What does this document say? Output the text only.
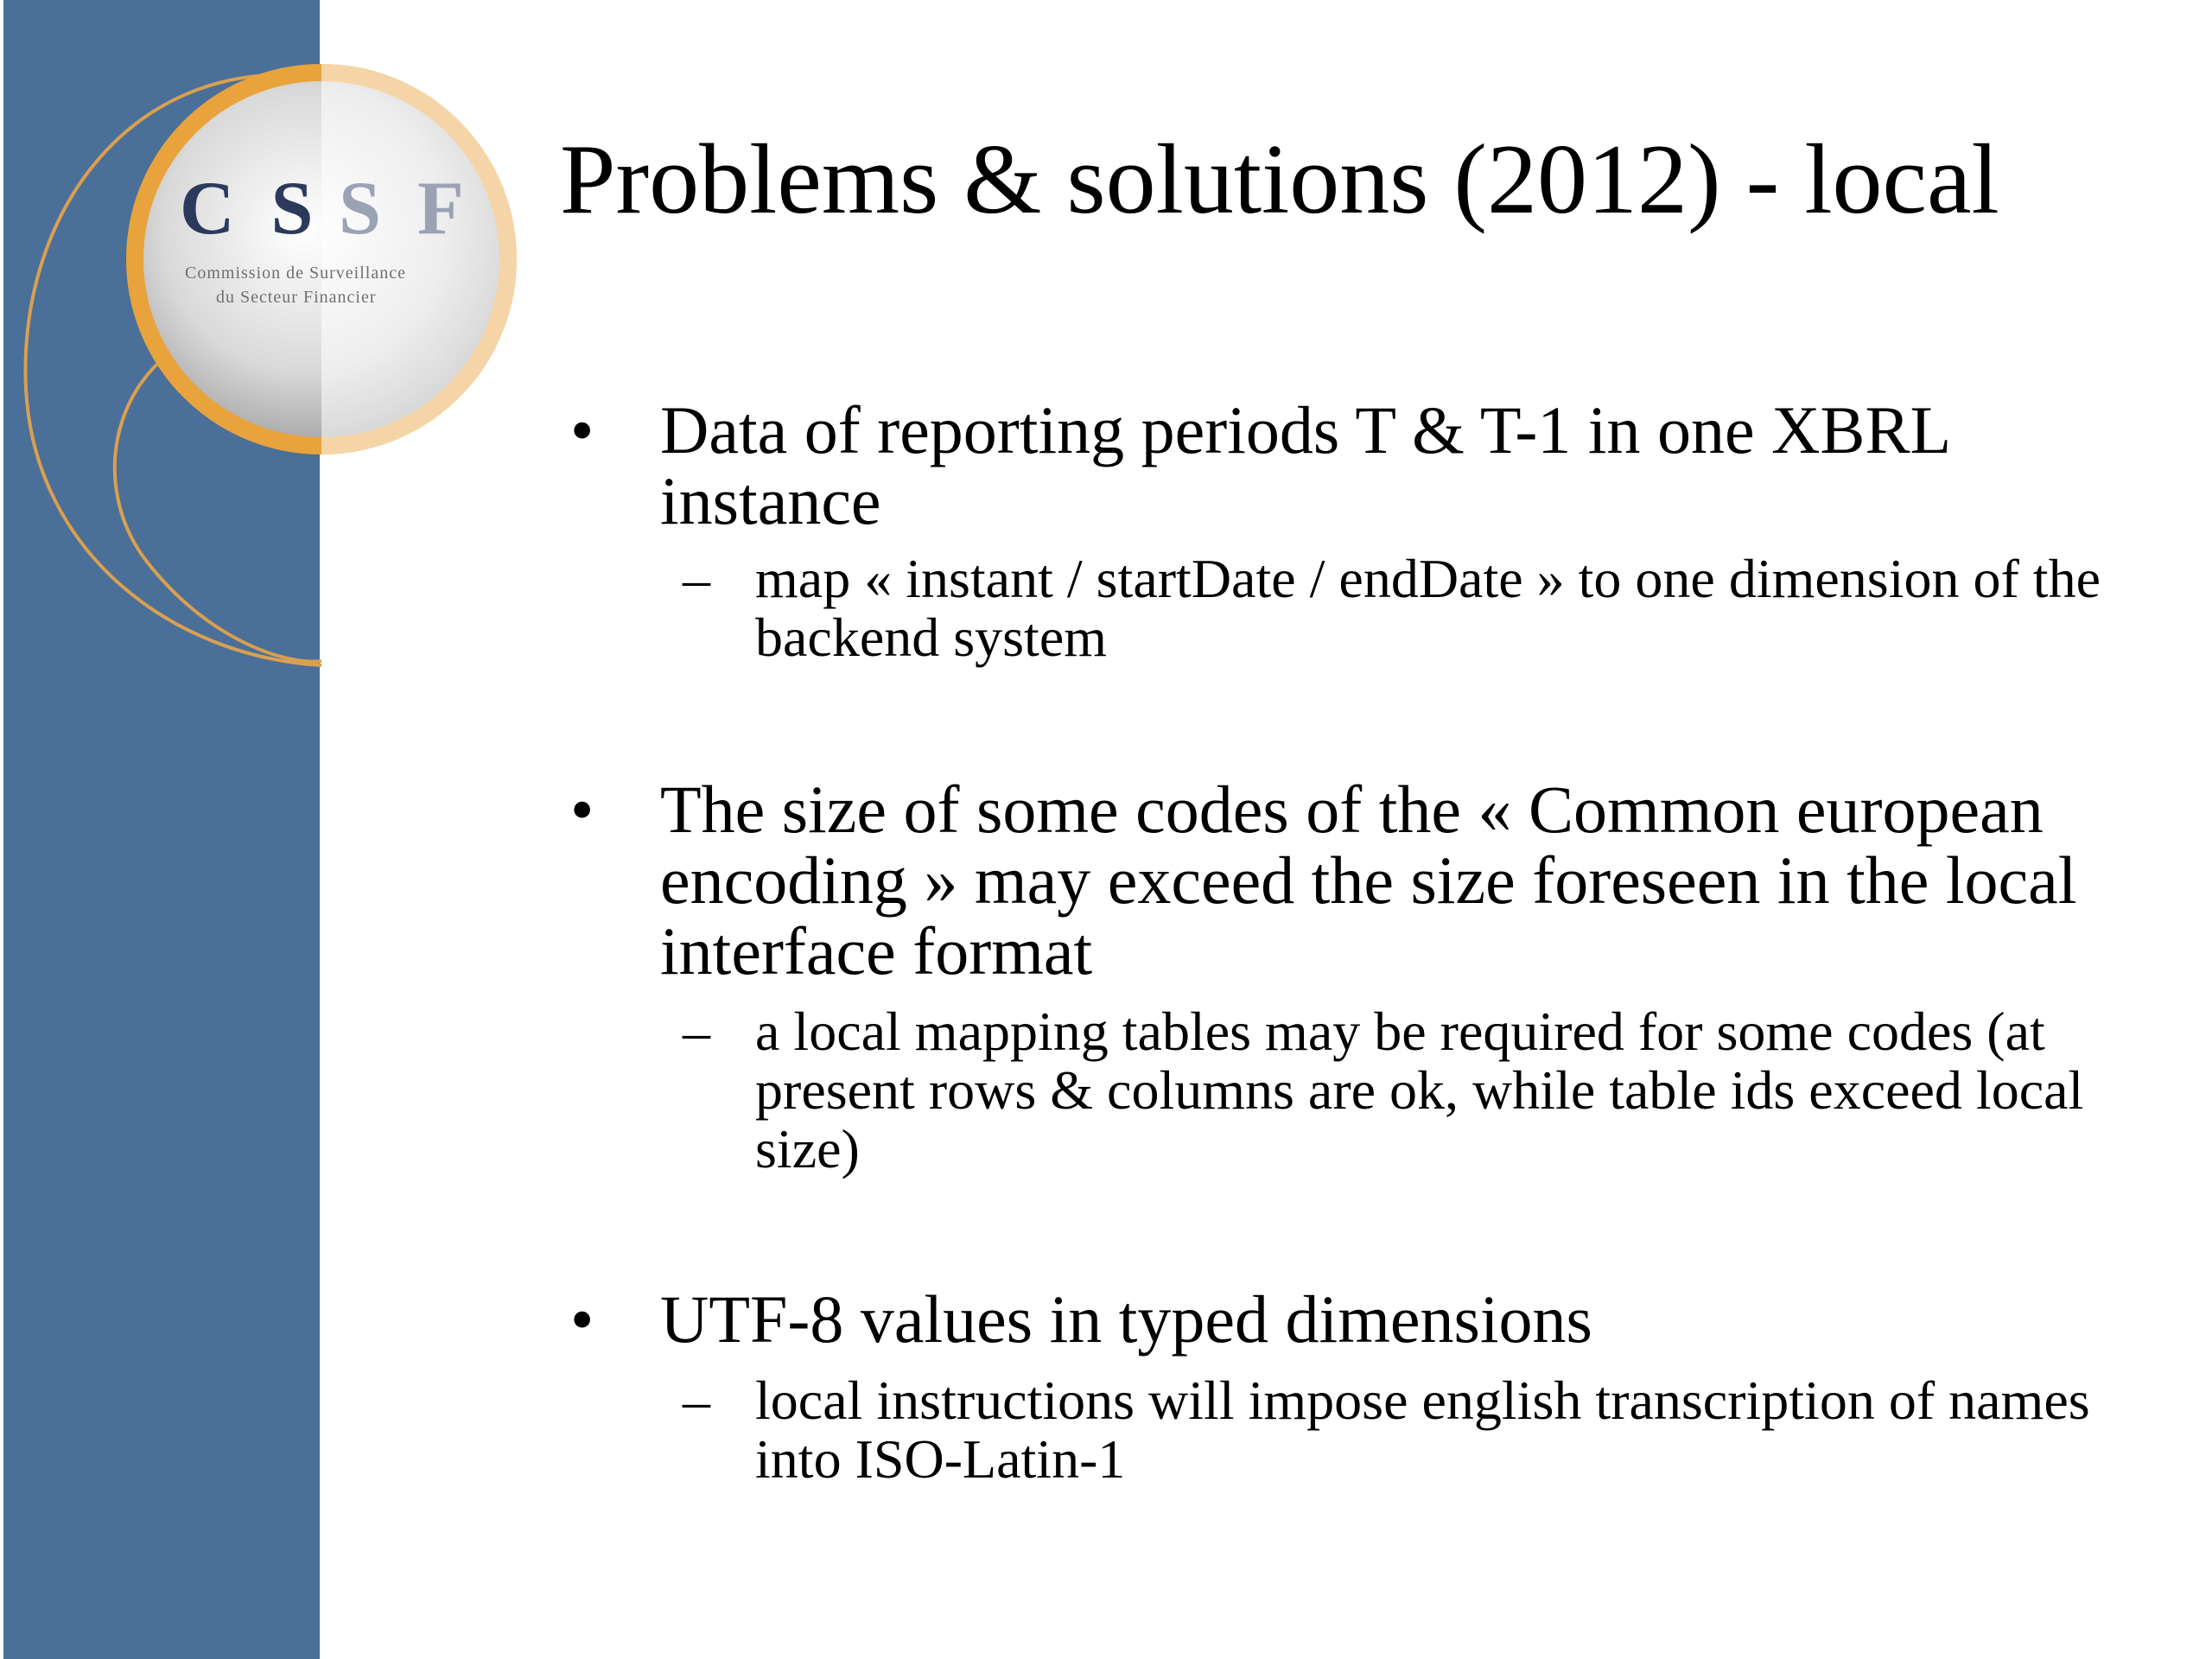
C S S F
Commission de Surveillance
du Secteur Financier
Problems & solutions (2012) - local
• Data of reporting periods T & T-1 in one XBRL instance
– map « instant / startDate / endDate » to one dimension of the backend system
• The size of some codes of the « Common european encoding » may exceed the size foreseen in the local interface format
– a local mapping tables may be required for some codes (at present rows & columns are ok, while table ids exceed local size)
• UTF-8 values in typed dimensions
– local instructions will impose english transcription of names into ISO-Latin-1
